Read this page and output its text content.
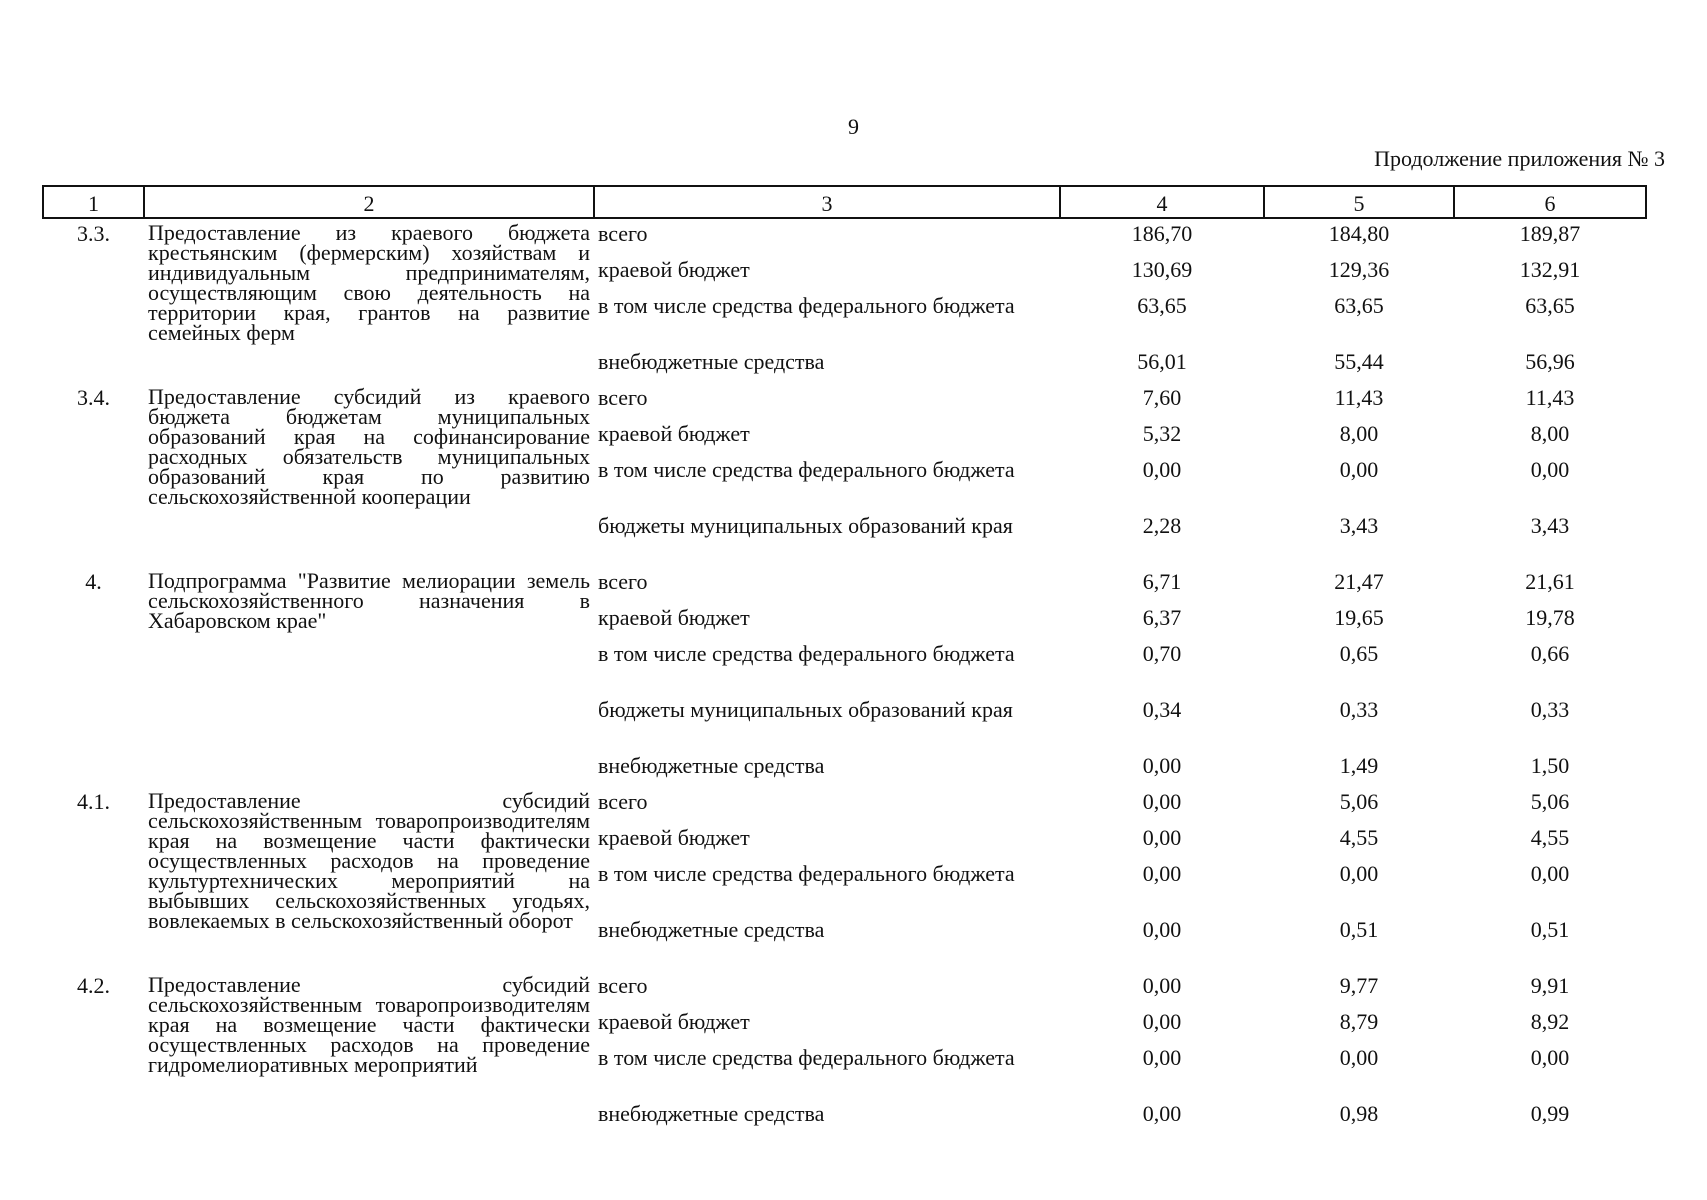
9
Продолжение приложения № 3
1	2	3	4	5	6
3.3.	Предоставление из краевого бюджета крестьянским (фермерским) хозяйствам и индивидуальным предпринимателям, осуществляющим свою деятельность на территории края, грантов на развитие семейных ферм	всего	186,70	184,80	189,87
		краевой бюджет	130,69	129,36	132,91
		в том числе средства федерального бюджета	63,65	63,65	63,65
		внебюджетные средства	56,01	55,44	56,96
3.4.	Предоставление субсидий из краевого бюджета бюджетам муниципальных образований края на софинансирование расходных обязательств муниципальных образований края по развитию сельскохозяйственной кооперации	всего	7,60	11,43	11,43
		краевой бюджет	5,32	8,00	8,00
		в том числе средства федерального бюджета	0,00	0,00	0,00
		бюджеты муниципальных образований края	2,28	3,43	3,43
4.	Подпрограмма "Развитие мелиорации земель сельскохозяйственного назначения в Хабаровском крае"	всего	6,71	21,47	21,61
		краевой бюджет	6,37	19,65	19,78
		в том числе средства федерального бюджета	0,70	0,65	0,66
		бюджеты муниципальных образований края	0,34	0,33	0,33
		внебюджетные средства	0,00	1,49	1,50
4.1.	Предоставление субсидий сельскохозяйственным товаропроизводителям края на возмещение части фактически осуществленных расходов на проведение культуртехнических мероприятий на выбывших сельскохозяйственных угодьях, вовлекаемых в сельскохозяйственный оборот	всего	0,00	5,06	5,06
		краевой бюджет	0,00	4,55	4,55
		в том числе средства федерального бюджета	0,00	0,00	0,00
		внебюджетные средства	0,00	0,51	0,51
4.2.	Предоставление субсидий сельскохозяйственным товаропроизводителям края на возмещение части фактически осуществленных расходов на проведение гидромелиоративных мероприятий	всего	0,00	9,77	9,91
		краевой бюджет	0,00	8,79	8,92
		в том числе средства федерального бюджета	0,00	0,00	0,00
		внебюджетные средства	0,00	0,98	0,99
